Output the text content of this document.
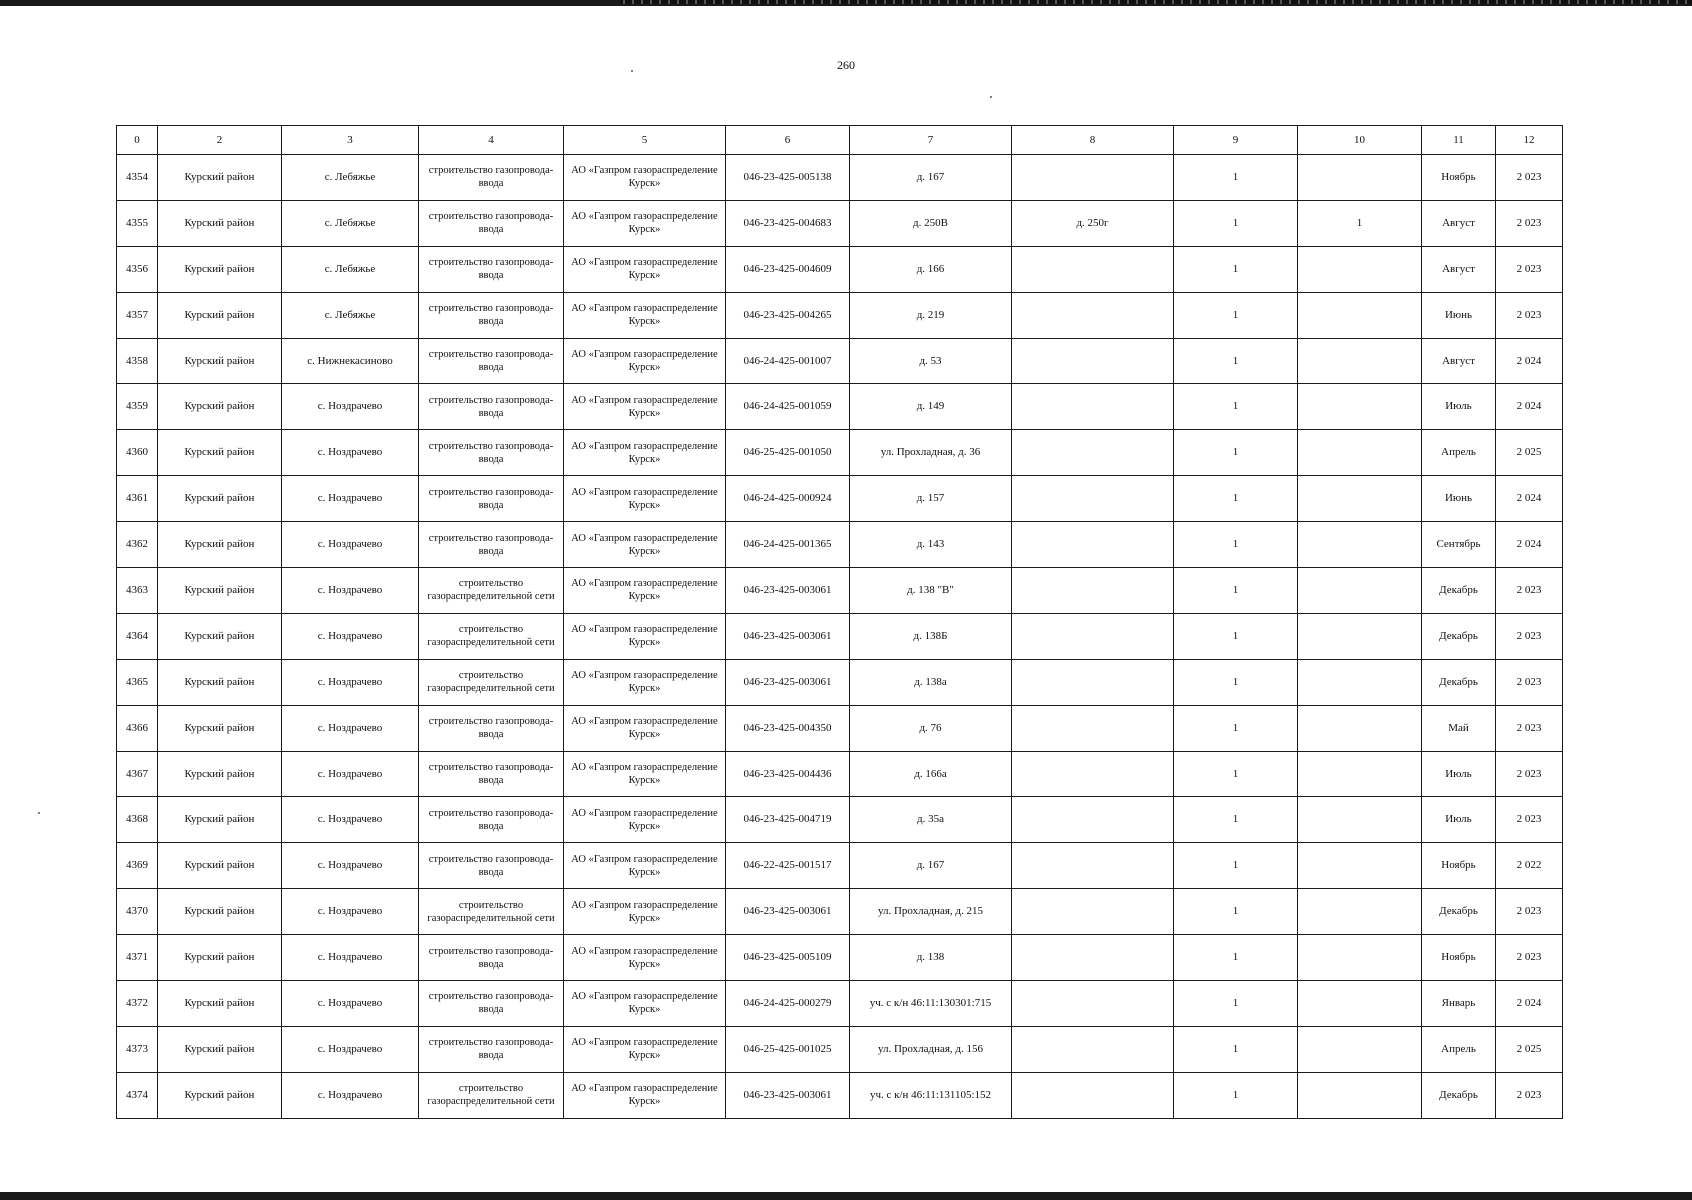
260
0	2	3	4	5	6	7	8	9	10	11	12
4354	Курский район	с. Лебяжье	строительство газопровода-ввода	АО «Газпром газораспределение Курск»	046-23-425-005138	д. 167		1		Ноябрь	2 023
4355	Курский район	с. Лебяжье	строительство газопровода-ввода	АО «Газпром газораспределение Курск»	046-23-425-004683	д. 250В	д. 250г	1	1	Август	2 023
4356	Курский район	с. Лебяжье	строительство газопровода-ввода	АО «Газпром газораспределение Курск»	046-23-425-004609	д. 166		1		Август	2 023
4357	Курский район	с. Лебяжье	строительство газопровода-ввода	АО «Газпром газораспределение Курск»	046-23-425-004265	д. 219		1		Июнь	2 023
4358	Курский район	с. Нижнекасиново	строительство газопровода-ввода	АО «Газпром газораспределение Курск»	046-24-425-001007	д. 53		1		Август	2 024
4359	Курский район	с. Ноздрачево	строительство газопровода-ввода	АО «Газпром газораспределение Курск»	046-24-425-001059	д. 149		1		Июль	2 024
4360	Курский район	с. Ноздрачево	строительство газопровода-ввода	АО «Газпром газораспределение Курск»	046-25-425-001050	ул. Прохладная, д. 36		1		Апрель	2 025
4361	Курский район	с. Ноздрачево	строительство газопровода-ввода	АО «Газпром газораспределение Курск»	046-24-425-000924	д. 157		1		Июнь	2 024
4362	Курский район	с. Ноздрачево	строительство газопровода-ввода	АО «Газпром газораспределение Курск»	046-24-425-001365	д. 143		1		Сентябрь	2 024
4363	Курский район	с. Ноздрачево	строительство газораспределительной сети	АО «Газпром газораспределение Курск»	046-23-425-003061	д. 138 "В"		1		Декабрь	2 023
4364	Курский район	с. Ноздрачево	строительство газораспределительной сети	АО «Газпром газораспределение Курск»	046-23-425-003061	д. 138Б		1		Декабрь	2 023
4365	Курский район	с. Ноздрачево	строительство газораспределительной сети	АО «Газпром газораспределение Курск»	046-23-425-003061	д. 138а		1		Декабрь	2 023
4366	Курский район	с. Ноздрачево	строительство газопровода-ввода	АО «Газпром газораспределение Курск»	046-23-425-004350	д. 76		1		Май	2 023
4367	Курский район	с. Ноздрачево	строительство газопровода-ввода	АО «Газпром газораспределение Курск»	046-23-425-004436	д. 166а		1		Июль	2 023
4368	Курский район	с. Ноздрачево	строительство газопровода-ввода	АО «Газпром газораспределение Курск»	046-23-425-004719	д. 35а		1		Июль	2 023
4369	Курский район	с. Ноздрачево	строительство газопровода-ввода	АО «Газпром газораспределение Курск»	046-22-425-001517	д. 167		1		Ноябрь	2 022
4370	Курский район	с. Ноздрачево	строительство газораспределительной сети	АО «Газпром газораспределение Курск»	046-23-425-003061	ул. Прохладная, д. 215		1		Декабрь	2 023
4371	Курский район	с. Ноздрачево	строительство газопровода-ввода	АО «Газпром газораспределение Курск»	046-23-425-005109	д. 138		1		Ноябрь	2 023
4372	Курский район	с. Ноздрачево	строительство газопровода-ввода	АО «Газпром газораспределение Курск»	046-24-425-000279	уч. с к/н 46:11:130301:715		1		Январь	2 024
4373	Курский район	с. Ноздрачево	строительство газопровода-ввода	АО «Газпром газораспределение Курск»	046-25-425-001025	ул. Прохладная, д. 156		1		Апрель	2 025
4374	Курский район	с. Ноздрачево	строительство газораспределительной сети	АО «Газпром газораспределение Курск»	046-23-425-003061	уч. с к/н 46:11:131105:152		1		Декабрь	2 023
